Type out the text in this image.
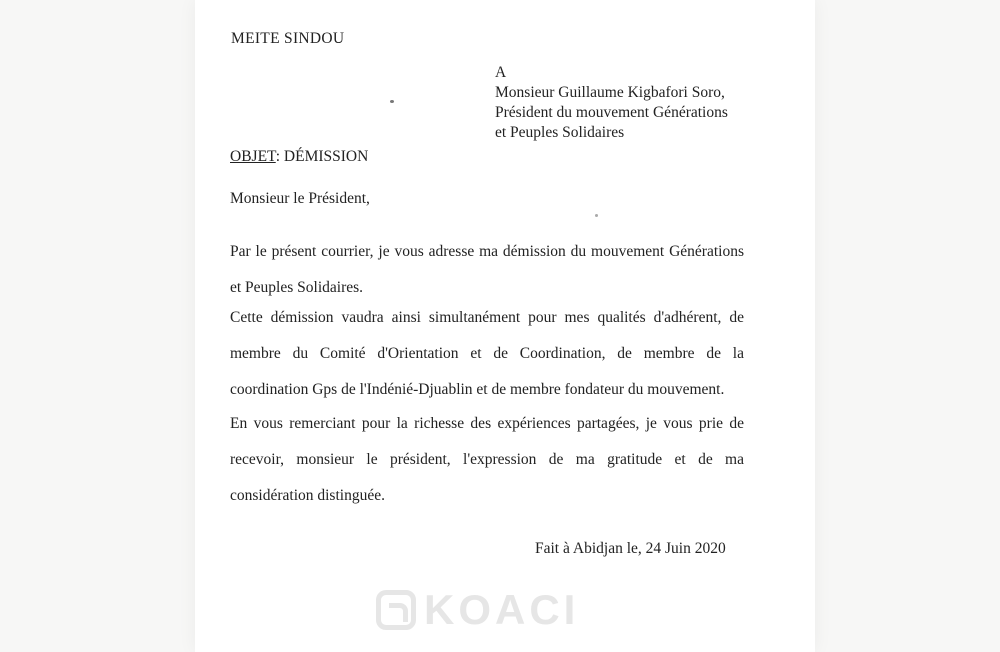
MEITE SINDOU
A
Monsieur Guillaume Kigbafori Soro,
Président du mouvement Générations
et Peuples Solidaires
OBJET: DÉMISSION
Monsieur le Président,
Par le présent courrier, je vous adresse ma démission du mouvement Générations et Peuples Solidaires.
Cette démission vaudra ainsi simultanément pour mes qualités d'adhérent, de membre du Comité d'Orientation et de Coordination, de membre de la coordination Gps de l'Indénié-Djuablin et de membre fondateur du mouvement.
En vous remerciant pour la richesse des expériences partagées, je vous prie de recevoir, monsieur le président, l'expression de ma gratitude et de ma considération distinguée.
Fait à Abidjan le, 24 Juin 2020
KOACI
